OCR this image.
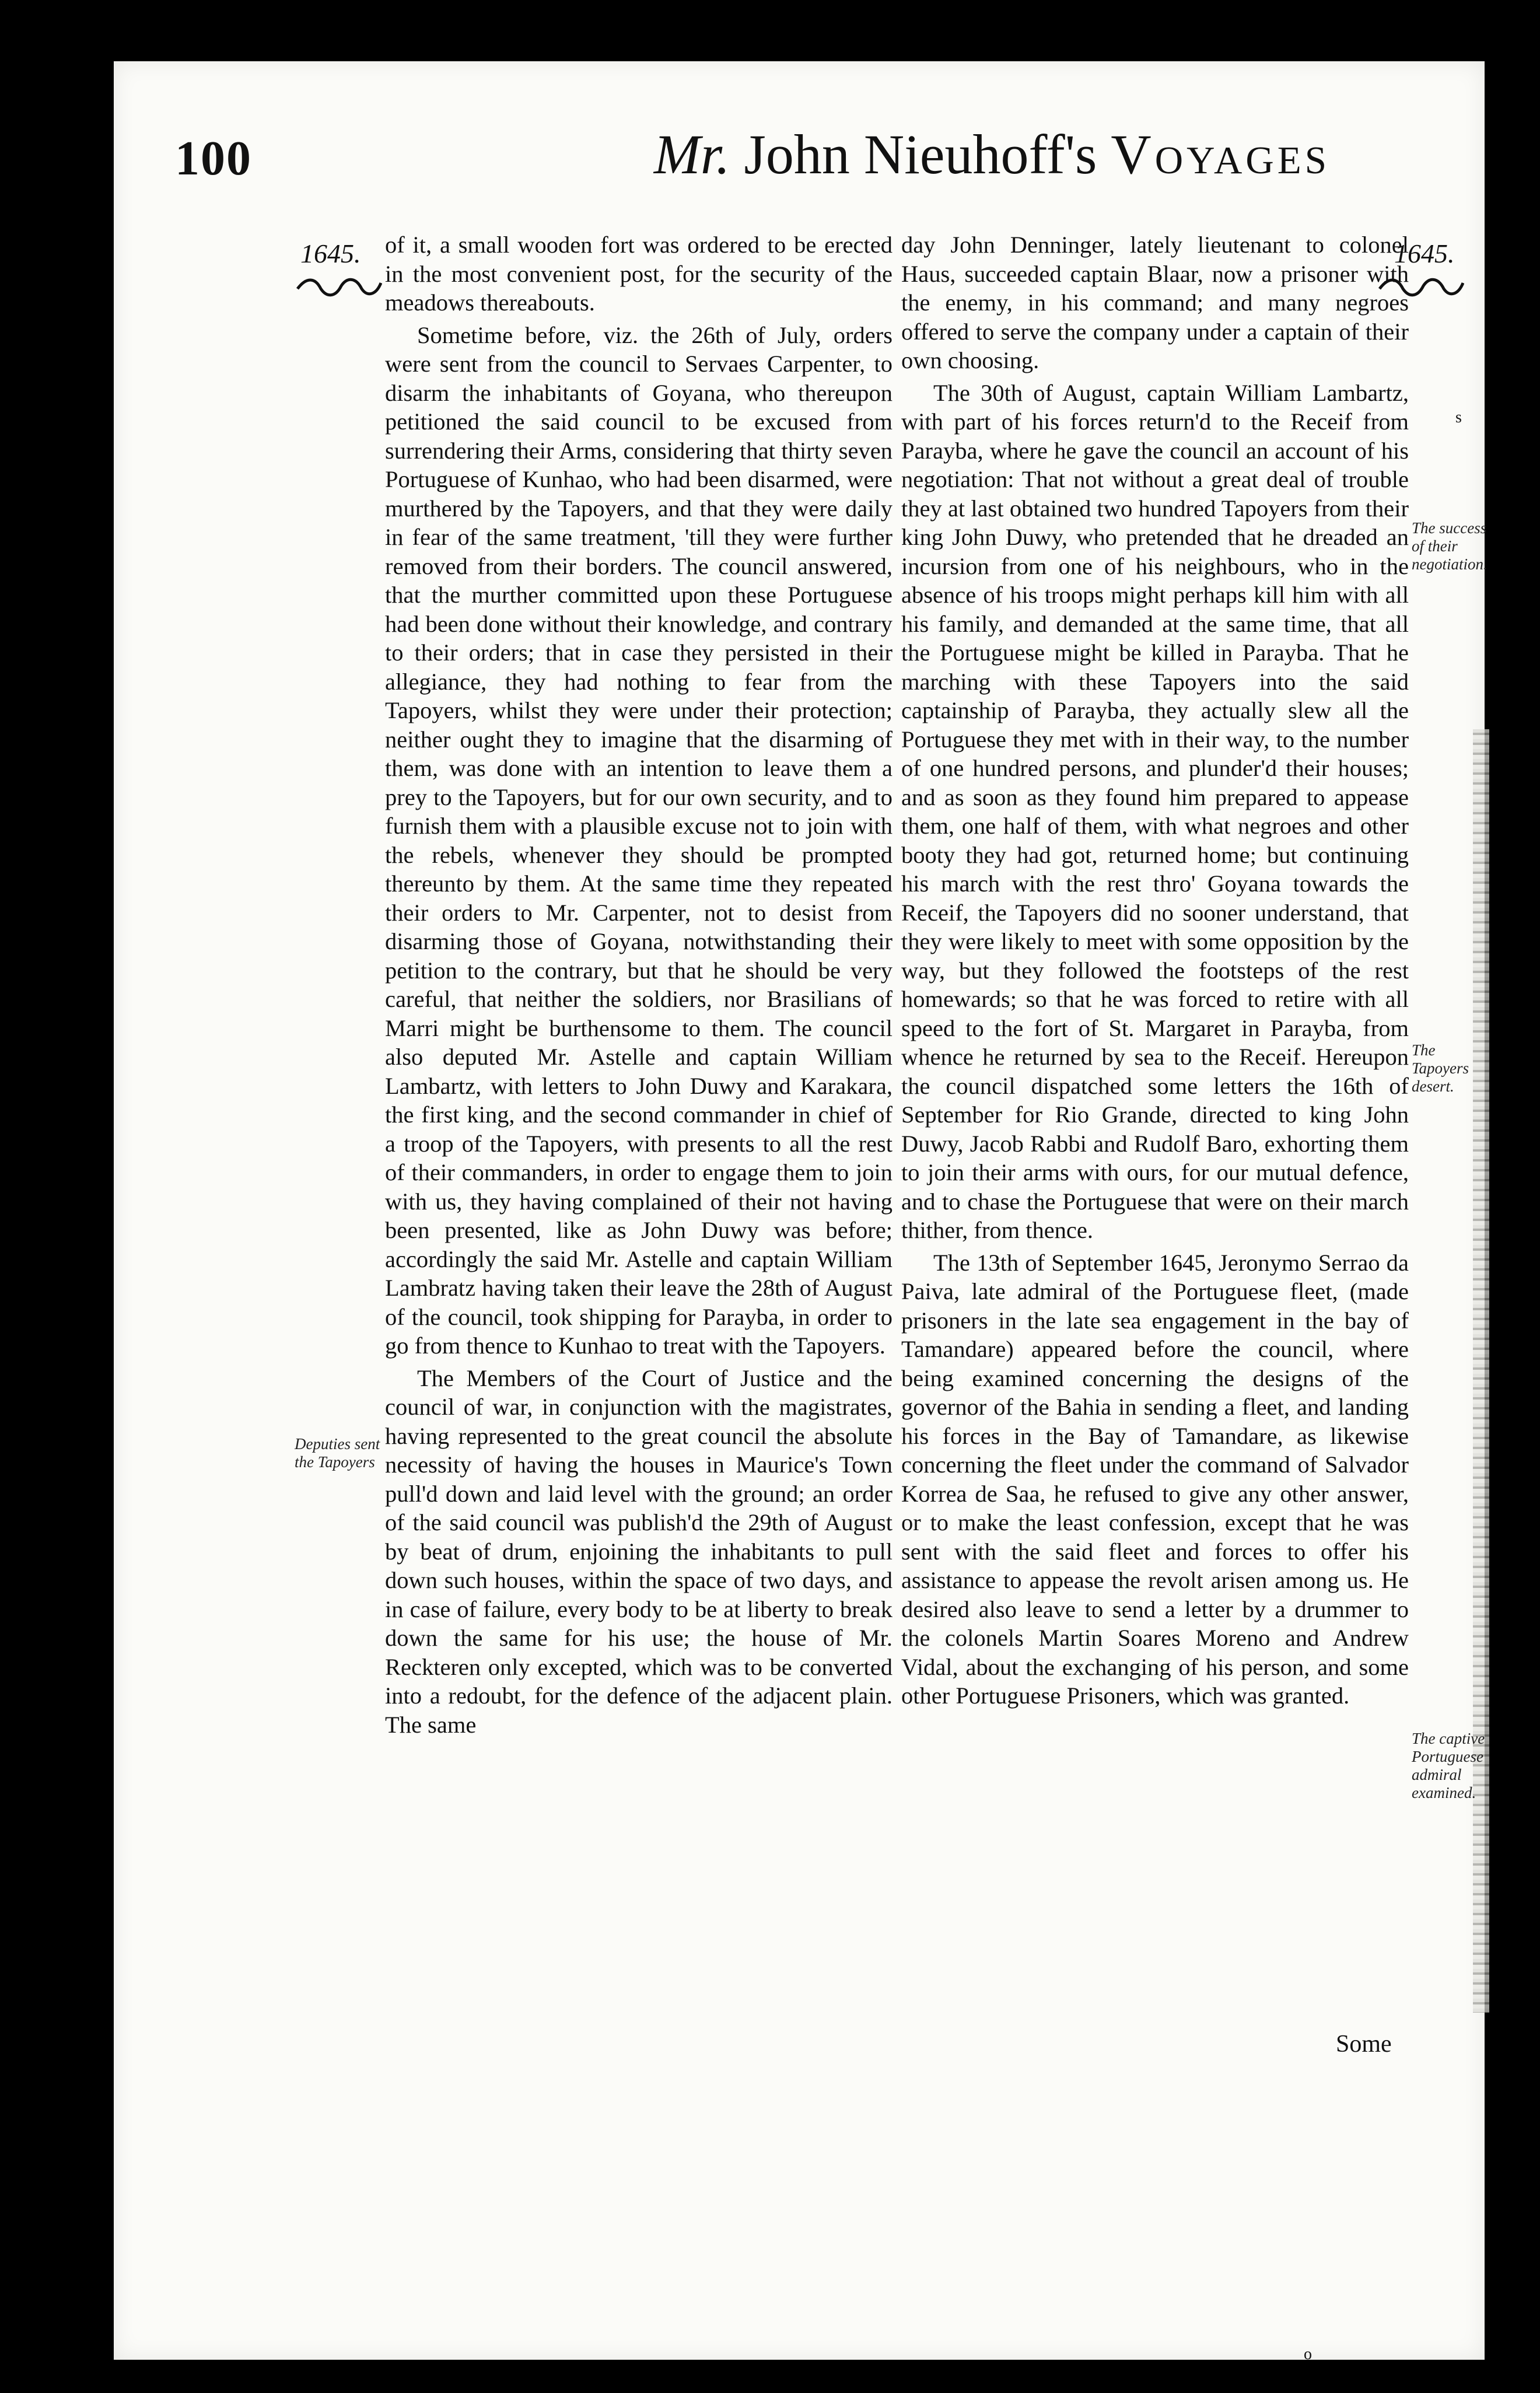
100	Mr. John Nieuhoff's Voyages
1645.	1645.

of it, a small wooden fort was ordered to be erected in the most convenient post, for the security of the meadows thereabouts.

Sometime before, viz. the 26th of July, orders were sent from the council to Servaes Carpenter, to disarm the inhabitants of Goyana, who thereupon petitioned the said council to be excused from surrendering their Arms, considering that thirty seven Portuguese of Kunhao, who had been disarmed, were murthered by the Tapoyers, and that they were daily in fear of the same treatment, 'till they were further removed from their borders. The council answered, that the murther committed upon these Portuguese had been done without their knowledge, and contrary to their orders; that in case they persisted in their allegiance, they had nothing to fear from the Tapoyers, whilst they were under their protection; neither ought they to imagine that the disarming of them, was done with an intention to leave them a prey to the Tapoyers, but for our own security, and to furnish them with a plausible excuse not to join with the rebels, whenever they should be prompted thereunto by them. At the same time they repeated their orders to Mr. Carpenter, not to desist from disarming those of Goyana, notwithstanding their petition to the contrary, but that he should be very careful, that neither the soldiers, nor Brasilians of Marri might be burthensome to them. The council also deputed Mr. Astelle and captain William Lambartz, with letters to John Duwy and Karakara, the first king, and the second commander in chief of a troop of the Tapoyers, with presents to all the rest of their commanders, in order to engage them to join with us, they having complained of their not having been presented, like as John Duwy was before; accordingly the said Mr. Astelle and captain William Lambratz having taken their leave the 28th of August of the council, took shipping for Parayba, in order to go from thence to Kunhao to treat with the Tapoyers.

The Members of the Court of Justice and the council of war, in conjunction with the magistrates, having represented to the great council the absolute necessity of having the houses in Maurice's Town pull'd down and laid level with the ground; an order of the said council was publish'd the 29th of August by beat of drum, enjoining the inhabitants to pull down such houses, within the space of two days, and in case of failure, every body to be at liberty to break down the same for his use; the house of Mr. Reckteren only excepted, which was to be converted into a redoubt, for the defence of the adjacent plain. The same

day John Denninger, lately lieutenant to colonel Haus, succeeded captain Blaar, now a prisoner with the enemy, in his command; and many negroes offered to serve the company under a captain of their own choosing.

The 30th of August, captain William Lambartz, with part of his forces return'd to the Receif from Parayba, where he gave the council an account of his negotiation: That not without a great deal of trouble they at last obtained two hundred Tapoyers from their king John Duwy, who pretended that he dreaded an incursion from one of his neighbours, who in the absence of his troops might perhaps kill him with all his family, and demanded at the same time, that all the Portuguese might be killed in Parayba. That he marching with these Tapoyers into the said captainship of Parayba, they actually slew all the Portuguese they met with in their way, to the number of one hundred persons, and plunder'd their houses; and as soon as they found him prepared to appease them, one half of them, with what negroes and other booty they had got, returned home; but continuing his march with the rest thro' Goyana towards the Receif, the Tapoyers did no sooner understand, that they were likely to meet with some opposition by the way, but they followed the footsteps of the rest homewards; so that he was forced to retire with all speed to the fort of St. Margaret in Parayba, from whence he returned by sea to the Receif. Hereupon the council dispatched some letters the 16th of September for Rio Grande, directed to king John Duwy, Jacob Rabbi and Rudolf Baro, exhorting them to join their arms with ours, for our mutual defence, and to chase the Portuguese that were on their march thither, from thence.

The 13th of September 1645, Jeronymo Serrao da Paiva, late admiral of the Portuguese fleet, (made prisoners in the late sea engagement in the bay of Tamandare) appeared before the council, where being examined concerning the designs of the governor of the Bahia in sending a fleet, and landing his forces in the Bay of Tamandare, as likewise concerning the fleet under the command of Salvador Korrea de Saa, he refused to give any other answer, or to make the least confession, except that he was sent with the said fleet and forces to offer his assistance to appease the revolt arisen among us. He desired also leave to send a letter by a drummer to the colonels Martin Soares Moreno and Andrew Vidal, about the exchanging of his person, and some other Portuguese Prisoners, which was granted.

Deputies sent the Tapoyers
The success of their negotiation.
The Tapoyers desert.
The captive Portuguese admiral examined.
Some
s
o
